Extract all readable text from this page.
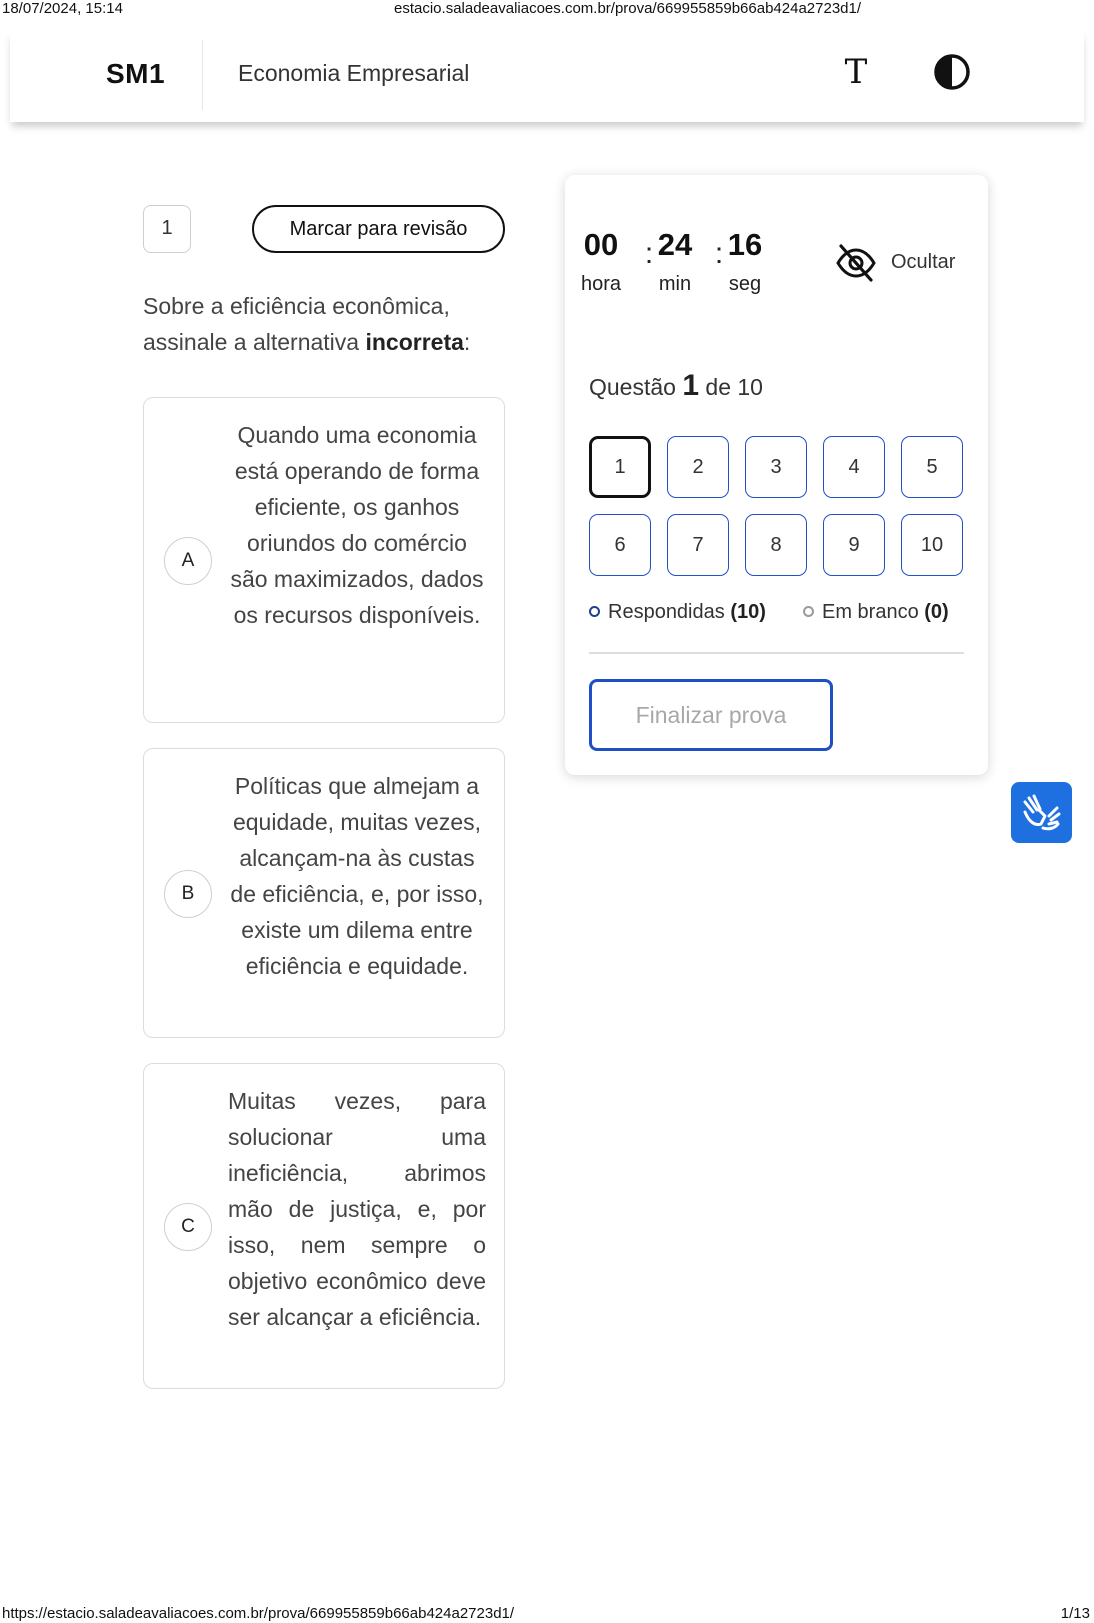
18/07/2024, 15:14	estacio.saladeavaliacoes.com.br/prova/669955859b66ab424a2723d1/
SM1	Economia Empresarial	T
1	Marcar para revisão
Sobre a eficiência econômica, assinale a alternativa incorreta:
A
Quando uma economia está operando de forma eficiente, os ganhos oriundos do comércio são maximizados, dados os recursos disponíveis.
B
Políticas que almejam a equidade, muitas vezes, alcançam-na às custas de eficiência, e, por isso, existe um dilema entre eficiência e equidade.
C
Muitas vezes, para solucionar uma ineficiência, abrimos mão de justiça, e, por isso, nem sempre o objetivo econômico deve ser alcançar a eficiência.
00
hora
: 24
min
: 16
seg
Ocultar
Questão 1 de 10
1	2	3	4	5
6	7	8	9	10
Respondidas (10)	Em branco (0)
Finalizar prova
https://estacio.saladeavaliacoes.com.br/prova/669955859b66ab424a2723d1/	1/13
